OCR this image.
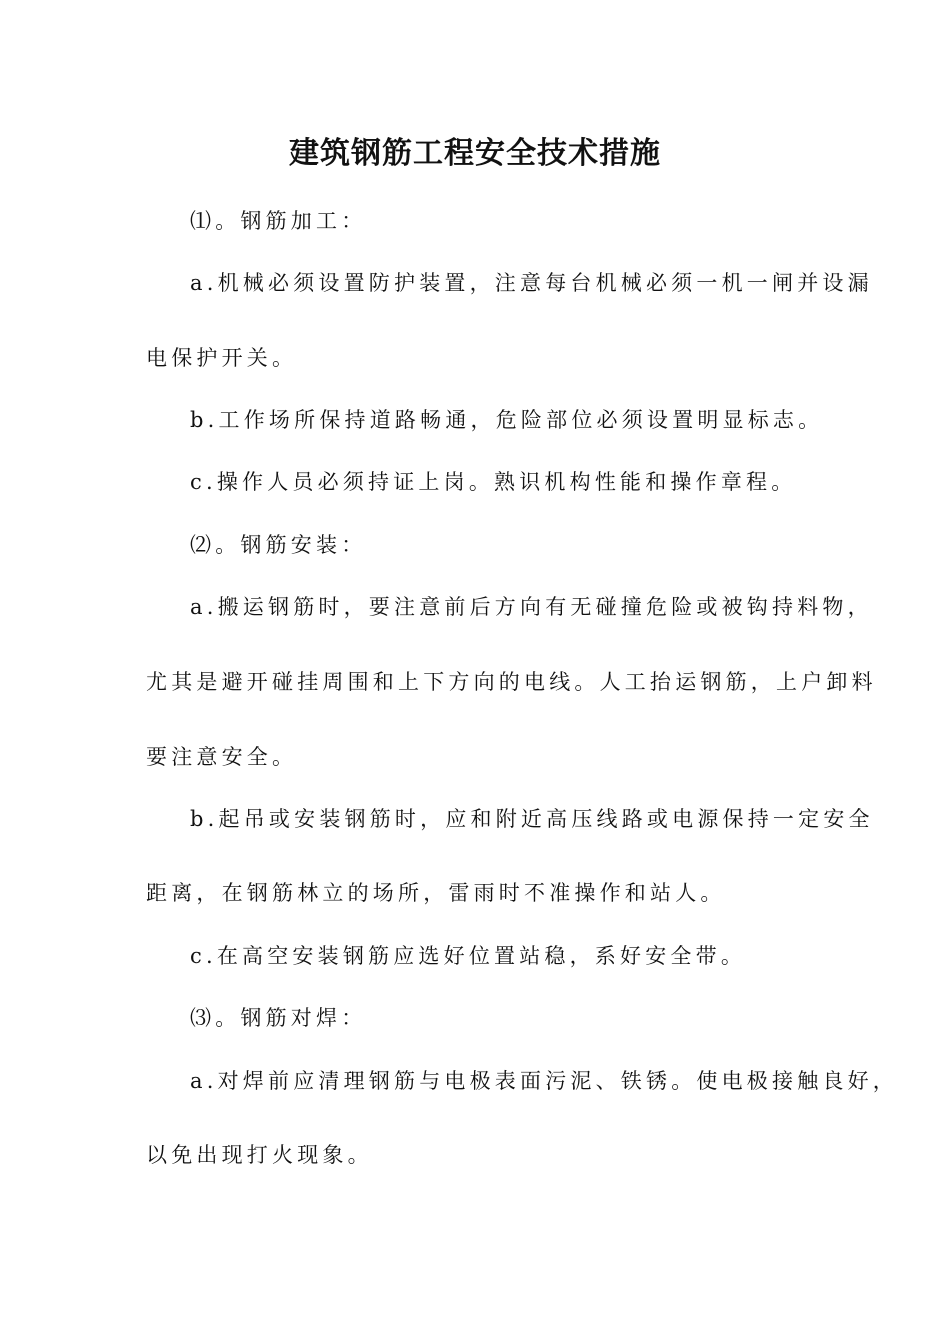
建筑钢筋工程安全技术措施
⑴。钢筋加工：
a.机械必须设置防护装置，注意每台机械必须一机一闸并设漏
电保护开关。
b.工作场所保持道路畅通，危险部位必须设置明显标志。
c.操作人员必须持证上岗。熟识机构性能和操作章程。
⑵。钢筋安装：
a.搬运钢筋时，要注意前后方向有无碰撞危险或被钩持料物，
尤其是避开碰挂周围和上下方向的电线。人工抬运钢筋，上户卸料
要注意安全。
b.起吊或安装钢筋时，应和附近高压线路或电源保持一定安全
距离，在钢筋林立的场所，雷雨时不准操作和站人。
c.在高空安装钢筋应选好位置站稳，系好安全带。
⑶。钢筋对焊：
a.对焊前应清理钢筋与电极表面污泥、铁锈。使电极接触良好，
以免出现打火现象。
